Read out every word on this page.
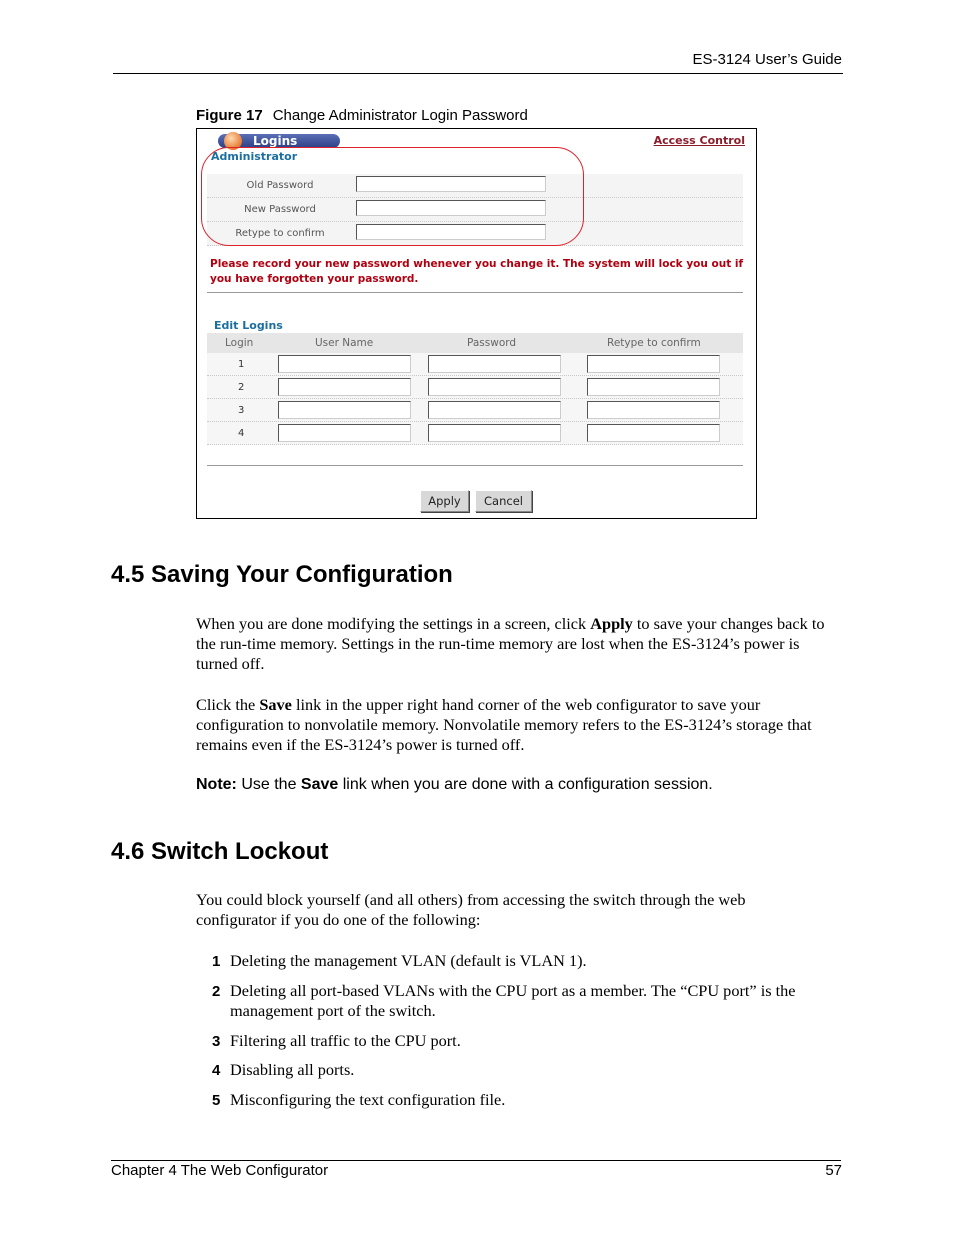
ES-3124 User’s Guide
Figure 17 Change Administrator Login Password
Logins	Access Control
Administrator
Old Password
New Password
Retype to confirm
Please record your new password whenever you change it. The system will lock you out if you have forgotten your password.
Edit Logins
Login	User Name	Password	Retype to confirm
1
2
3
4
Apply	Cancel
4.5 Saving Your Configuration
When you are done modifying the settings in a screen, click Apply to save your changes back to the run-time memory. Settings in the run-time memory are lost when the ES-3124’s power is turned off.
Click the Save link in the upper right hand corner of the web configurator to save your configuration to nonvolatile memory. Nonvolatile memory refers to the ES-3124’s storage that remains even if the ES-3124’s power is turned off.
Note: Use the Save link when you are done with a configuration session.
4.6 Switch Lockout
You could block yourself (and all others) from accessing the switch through the web configurator if you do one of the following:
1 Deleting the management VLAN (default is VLAN 1).
2 Deleting all port-based VLANs with the CPU port as a member. The “CPU port” is the management port of the switch.
3 Filtering all traffic to the CPU port.
4 Disabling all ports.
5 Misconfiguring the text configuration file.
Chapter 4 The Web Configurator	57
